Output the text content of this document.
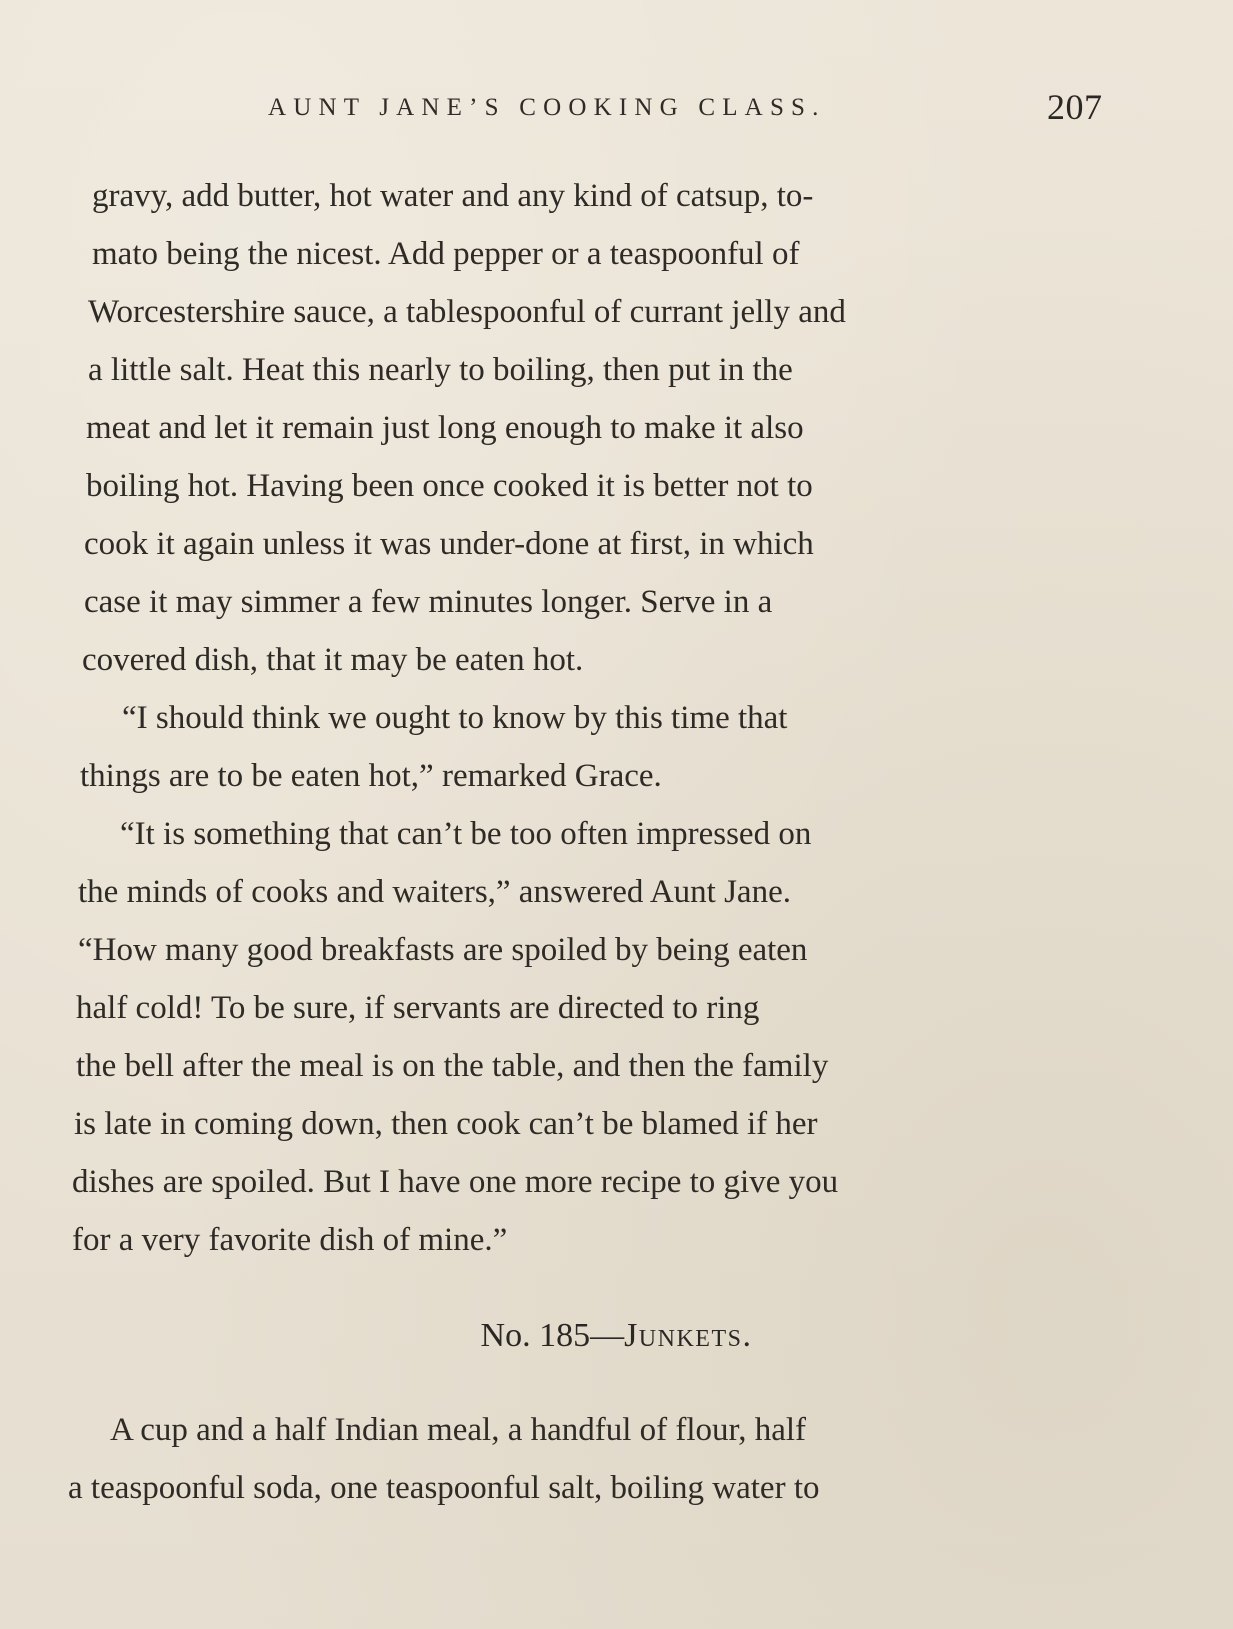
AUNT JANE’S COOKING CLASS.	207
gravy, add butter, hot water and any kind of catsup, to-
mato being the nicest. Add pepper or a teaspoonful of
Worcestershire sauce, a tablespoonful of currant jelly and
a little salt. Heat this nearly to boiling, then put in the
meat and let it remain just long enough to make it also
boiling hot. Having been once cooked it is better not to
cook it again unless it was under-done at first, in which
case it may simmer a few minutes longer. Serve in a
covered dish, that it may be eaten hot.
“I should think we ought to know by this time that
things are to be eaten hot,” remarked Grace.
“It is something that can’t be too often impressed on
the minds of cooks and waiters,” answered Aunt Jane.
“How many good breakfasts are spoiled by being eaten
half cold! To be sure, if servants are directed to ring
the bell after the meal is on the table, and then the family
is late in coming down, then cook can’t be blamed if her
dishes are spoiled. But I have one more recipe to give you
for a very favorite dish of mine.”
No. 185—Junkets.
A cup and a half Indian meal, a handful of flour, half
a teaspoonful soda, one teaspoonful salt, boiling water to
